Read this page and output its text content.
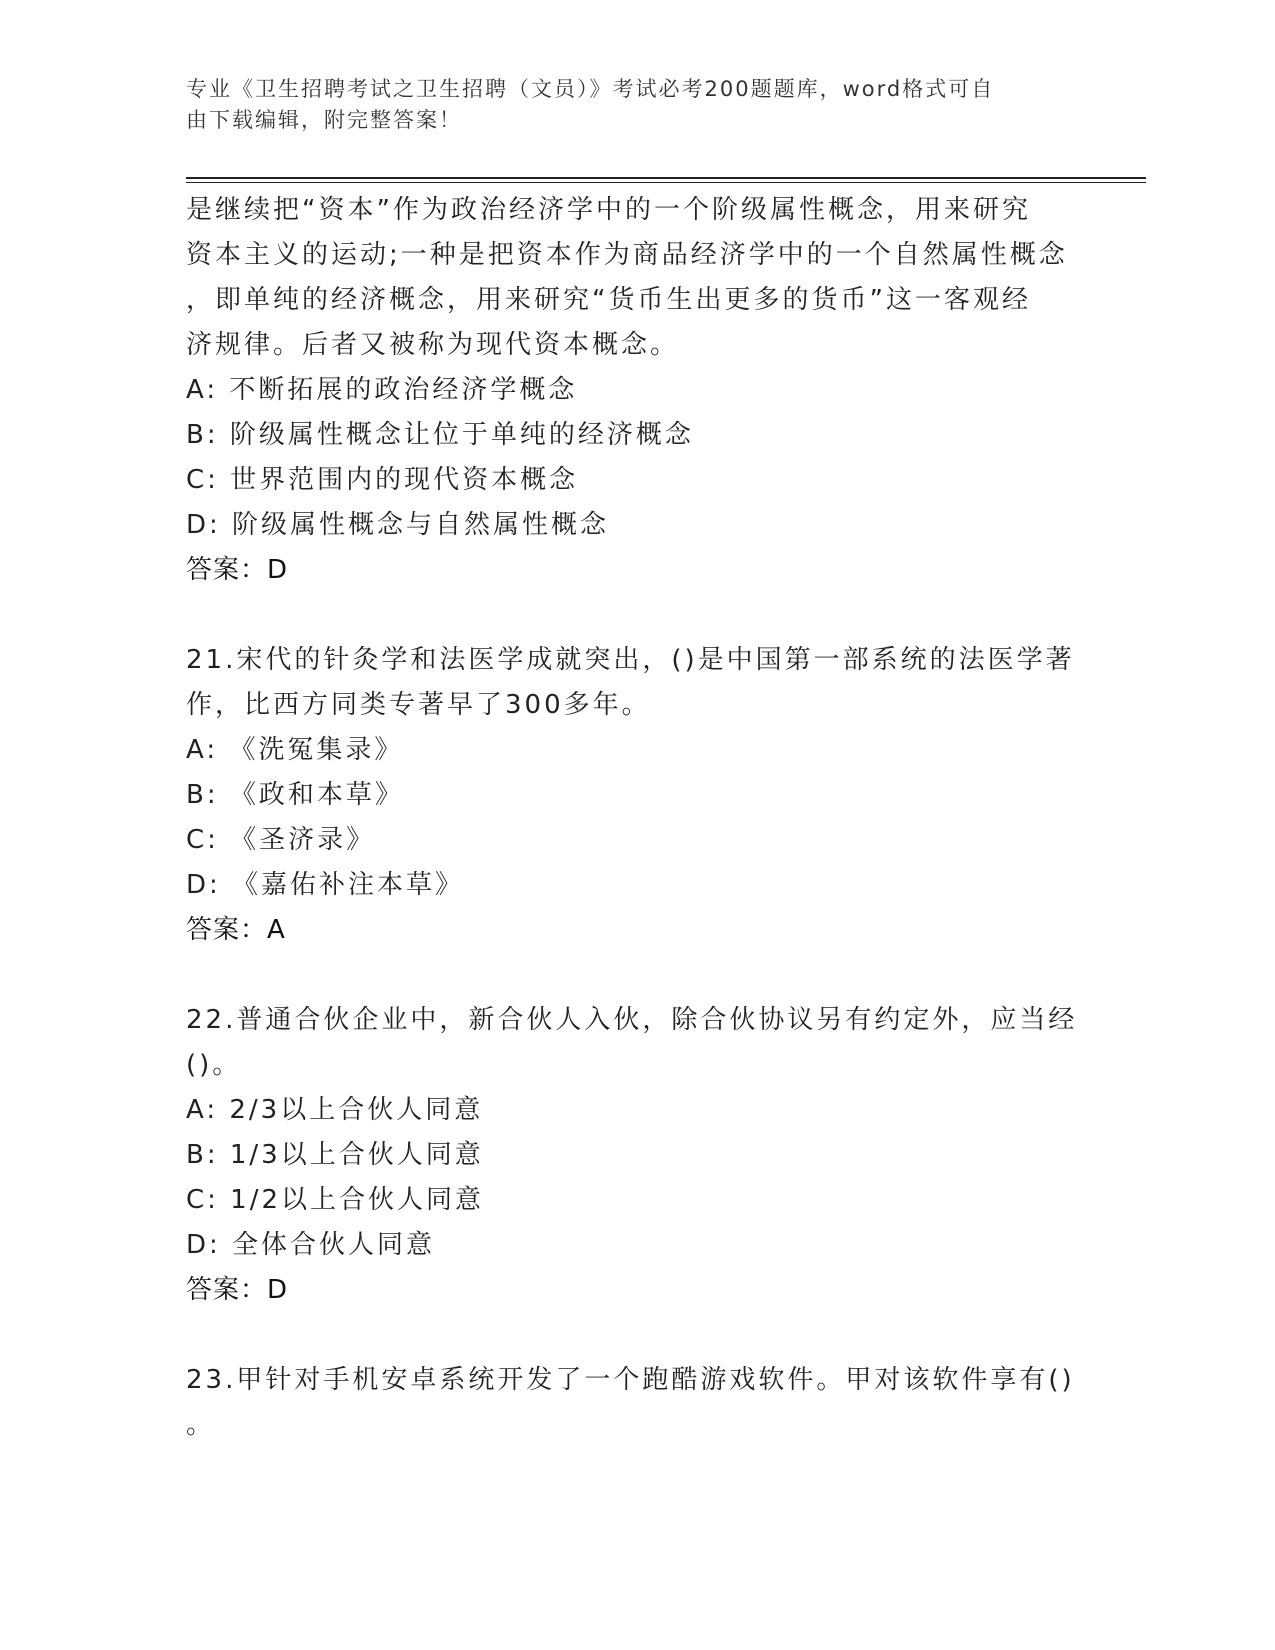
专业《卫生招聘考试之卫生招聘（文员）》考试必考200题题库，word格式可自
由下载编辑，附完整答案！
是继续把“资本”作为政治经济学中的一个阶级属性概念，用来研究
资本主义的运动;一种是把资本作为商品经济学中的一个自然属性概念
，即单纯的经济概念，用来研究“货币生出更多的货币”这一客观经
济规律。后者又被称为现代资本概念。
A: 不断拓展的政治经济学概念
B: 阶级属性概念让位于单纯的经济概念
C: 世界范围内的现代资本概念
D: 阶级属性概念与自然属性概念
答案：D
21.宋代的针灸学和法医学成就突出，()是中国第一部系统的法医学著
作，比西方同类专著早了300多年。
A: 《洗冤集录》
B: 《政和本草》
C: 《圣济录》
D: 《嘉佑补注本草》
答案：A
22.普通合伙企业中，新合伙人入伙，除合伙协议另有约定外，应当经
()。
A: 2/3以上合伙人同意
B: 1/3以上合伙人同意
C: 1/2以上合伙人同意
D: 全体合伙人同意
答案：D
23.甲针对手机安卓系统开发了一个跑酷游戏软件。甲对该软件享有()
。
